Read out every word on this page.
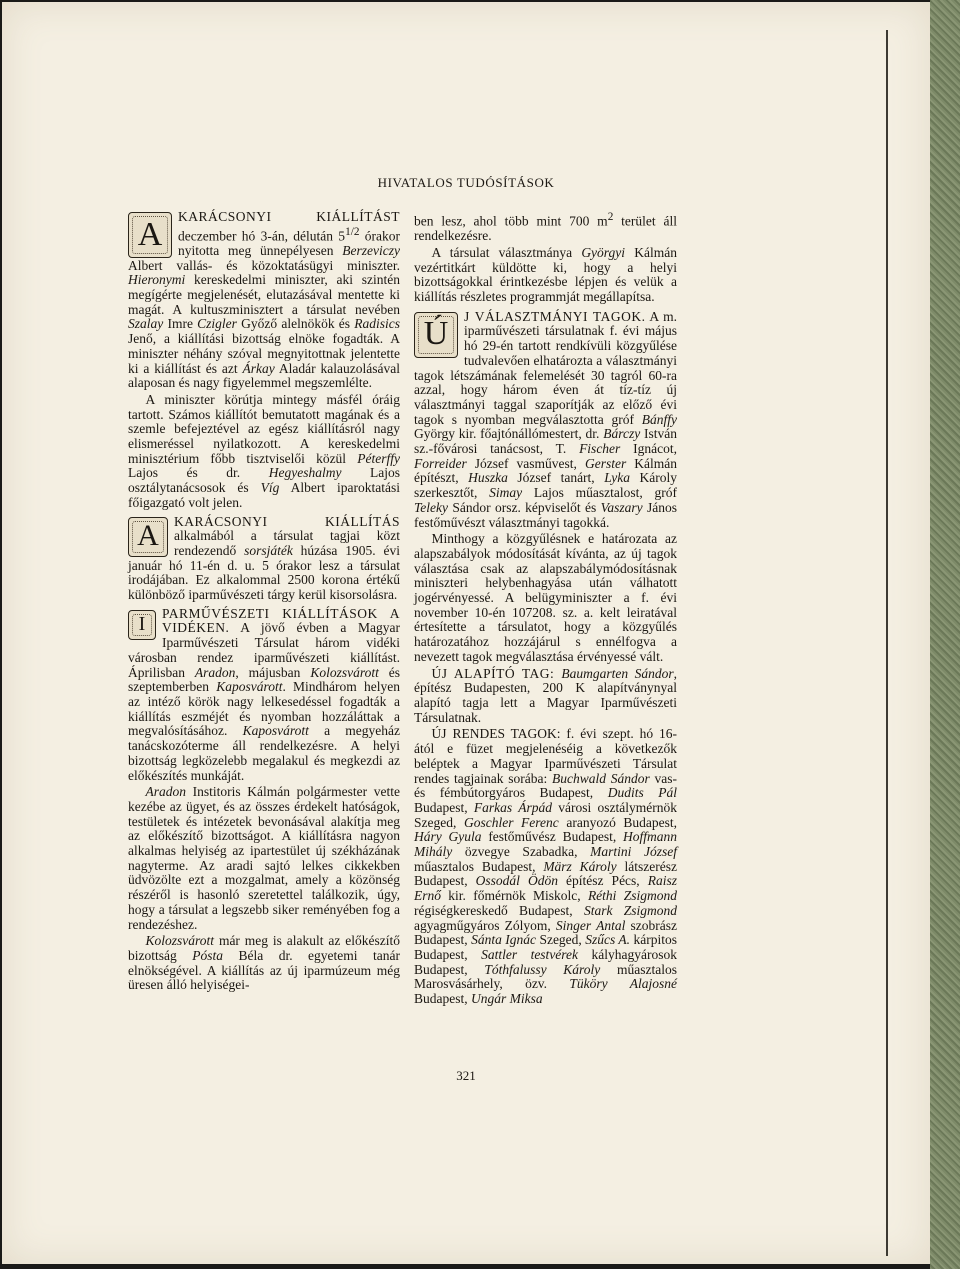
HIVATALOS TUDÓSÍTÁSOK

A	KARÁCSONYI KIÁLLÍTÁST deczember hó 3-án, délután $5^{1/2}$ órakor nyitotta meg ünnepélyesen Berzeviczy Albert vallás- és közoktatásügyi miniszter. Hieronymi kereskedelmi miniszter, aki szintén megígérte megjelenését, elutazásával mentette ki magát. A kultuszminisztert a társulat nevében Szalay Imre Czigler Győző alelnökök és Radisics Jenő, a kiállítási bizottság elnöke fogadták. A miniszter néhány szóval megnyitottnak jelentette ki a kiállítást és azt Árkay Aladár kalauzolásával alaposan és nagy figyelemmel megszemlélte.

A miniszter körútja mintegy másfél óráig tartott. Számos kiállítót bemutatott magának és a szemle befejeztével az egész kiállításról nagy elismeréssel nyilatkozott. A kereskedelmi minisztérium főbb tisztviselői közül Péterffy Lajos és dr. Hegyeshalmy Lajos osztálytanácsosok és Víg Albert iparoktatási főigazgató volt jelen.

A	KARÁCSONYI KIÁLLÍTÁS alkalmából a társulat tagjai közt rendezendő sorsjáték húzása 1905. évi január hó 11-én d. u. 5 órakor lesz a társulat irodájában. Ez alkalommal 2500 korona értékű különböző iparművészeti tárgy kerül kisorsolásra.

I
PARMŰVÉSZETI KIÁLLÍTÁSOK A VIDÉKEN. A jövő évben a Magyar Iparművészeti Társulat három vidéki városban rendez iparművészeti kiállítást. Áprilisban Aradon, májusban Kolozsvárott és szeptemberben Kaposvárott. Mindhárom helyen az intéző körök nagy lelkesedéssel fogadták a kiállítás eszméjét és nyomban hozzáláttak a megvalósításához. Kaposvárott a megyeház tanácskozóterme áll rendelkezésre. A helyi bizottság legközelebb megalakul és megkezdi az előkészítés munkáját.

Aradon Institoris Kálmán polgármester vette kezébe az ügyet, és az összes érdekelt hatóságok, testületek és intézetek bevonásával alakítja meg az előkészítő bizottságot. A kiállításra nagyon alkalmas helyiség az ipartestület új székházának nagyterme. Az aradi sajtó lelkes cikkekben üdvözölte ezt a mozgalmat, amely a közönség részéről is hasonló szeretettel találkozik, úgy, hogy a társulat a legszebb siker reményében fog a rendezéshez.

Kolozsvárott már meg is alakult az előkészítő bizottság Pósta Béla dr. egyetemi tanár elnökségével. A kiállítás az új iparmúzeum még üresen álló helyiségei-

ben lesz, ahol több mint 700 $m^2$ terület áll rendelkezésre.

A társulat választmánya Györgyi Kálmán vezértitkárt küldötte ki, hogy a helyi bizottságokkal érintkezésbe lépjen és velük a kiállítás részletes programmját megállapítsa.

Ú	J VÁLASZTMÁNYI TAGOK. A m. iparművészeti társulatnak f. évi május hó 29-én tartott rendkívüli közgyűlése tudvalevően elhatározta a választmányi tagok létszámának felemelését 30 tagról 60-ra azzal, hogy három éven át tíz-tíz új választmányi taggal szaporítják az előző évi tagok s nyomban megválasztotta gróf Bánffy György kir. főajtónállómestert, dr. Bárczy István sz.-fővárosi tanácsost, T. Fischer Ignácot, Forreider József vasművest, Gerster Kálmán építészt, Huszka József tanárt, Lyka Károly szerkesztőt, Simay Lajos műasztalost, gróf Teleky Sándor orsz. képviselőt és Vaszary János festőművészt választmányi tagokká.

Minthogy a közgyűlésnek e határozata az alapszabályok módosítását kívánta, az új tagok választása csak az alapszabálymódosításnak miniszteri helybenhagyása után válhatott jogérvényessé. A belügyminiszter a f. évi november 10-én 107208. sz. a. kelt leiratával értesítette a társulatot, hogy a közgyűlés határozatához hozzájárul s ennélfogva a nevezett tagok megválasztása érvényessé vált.

ÚJ ALAPÍTÓ TAG: Baumgarten Sándor, építész Budapesten, 200 K alapítványnyal alapító tagja lett a Magyar Iparművészeti Társulatnak.

ÚJ RENDES TAGOK: f. évi szept. hó 16-ától e füzet megjelenéséig a következők beléptek a Magyar Iparművészeti Társulat rendes tagjainak sorába: Buchwald Sándor vas- és fémbútorgyáros Budapest, Dudits Pál Budapest, Farkas Árpád városi osztálymérnök Szeged, Goschler Ferenc aranyozó Budapest, Háry Gyula festőművész Budapest, Hoffmann Mihály özvegye Szabadka, Martini József műasztalos Budapest, März Károly látszerész Budapest, Ossodál Ödön építész Pécs, Raisz Ernő kir. főmérnök Miskolc, Réthi Zsigmond régiségkereskedő Budapest, Stark Zsigmond agyagműgyáros Zólyom, Singer Antal szobrász Budapest, Sánta Ignác Szeged, Szűcs A. kárpitos Budapest, Sattler testvérek kályhagyárosok Budapest, Tóthfalussy Károly műasztalos Marosvásárhely, özv. Tüköry Alajosné Budapest, Ungár Miksa

321
